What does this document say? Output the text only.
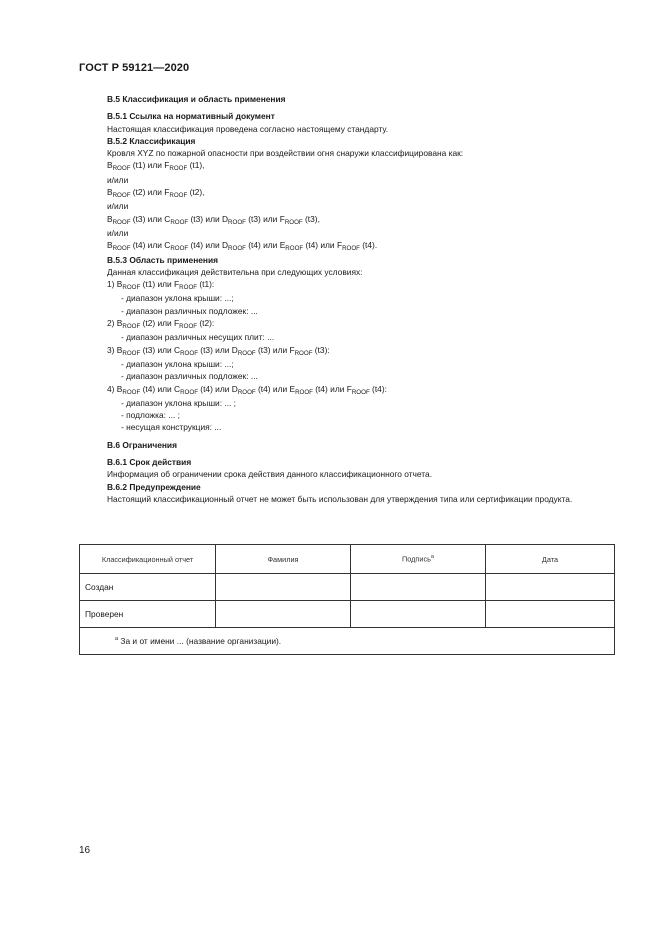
ГОСТ Р 59121—2020
В.5 Классификация и область применения
В.5.1 Ссылка на нормативный документ
Настоящая классификация проведена согласно настоящему стандарту.
В.5.2 Классификация
Кровля XYZ по пожарной опасности при воздействии огня снаружи классифицирована как:
$B_{ROOF}$ (t1) или $F_{ROOF}$ (t1),
и/или
$B_{ROOF}$ (t2) или $F_{ROOF}$ (t2),
и/или
$B_{ROOF}$ (t3) или $C_{ROOF}$ (t3) или $D_{ROOF}$ (t3) или $F_{ROOF}$ (t3),
и/или
$B_{ROOF}$ (t4) или $C_{ROOF}$ (t4) или $D_{ROOF}$ (t4) или $E_{ROOF}$ (t4) или $F_{ROOF}$ (t4).
В.5.3 Область применения
Данная классификация действительна при следующих условиях:
1) $B_{ROOF}$ (t1) или $F_{ROOF}$ (t1):
- диапазон уклона крыши: ...;
- диапазон различных подложек: ...
2) $B_{ROOF}$ (t2) или $F_{ROOF}$ (t2):
- диапазон различных несущих плит: ...
3) $B_{ROOF}$ (t3) или $C_{ROOF}$ (t3) или $D_{ROOF}$ (t3) или $F_{ROOF}$ (t3):
- диапазон уклона крыши: ...;
- диапазон различных подложек: ...
4) $B_{ROOF}$ (t4) или $C_{ROOF}$ (t4) или $D_{ROOF}$ (t4) или $E_{ROOF}$ (t4) или $F_{ROOF}$ (t4):
- диапазон уклона крыши: ... ;
- подложка: ... ;
- несущая конструкция: ...
В.6 Ограничения
В.6.1 Срок действия
Информация об ограничении срока действия данного классификационного отчета.
В.6.2 Предупреждение
Настоящий классификационный отчет не может быть использован для утверждения типа или сертификации продукта.
Классификационный отчет	Фамилия	Подпись$^a$	Дата
Создан			
Проверен			
$^a$ За и от имени ... (название организации).			
16
